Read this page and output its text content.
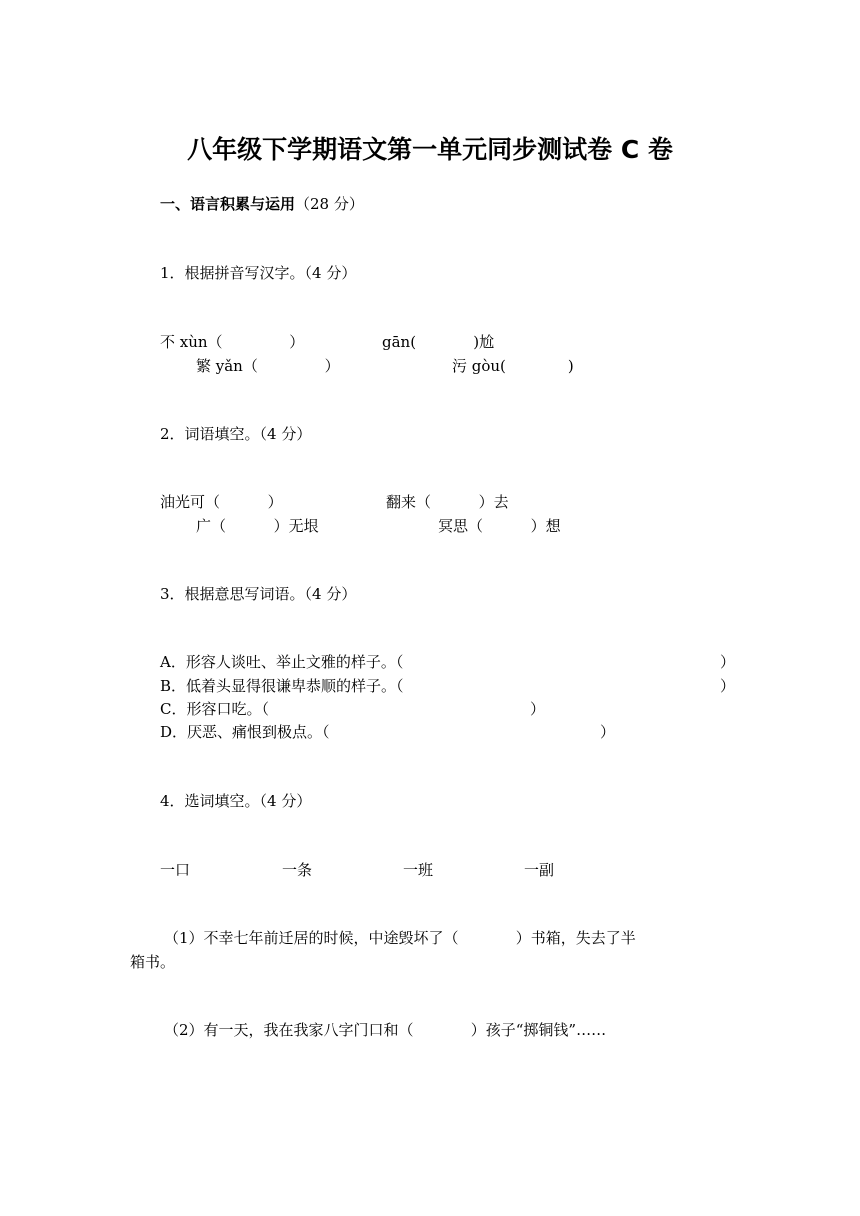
八年级下学期语文第一单元同步测试卷 C 卷
一、语言积累与运用（28 分）
1．根据拼音写汉字。（4 分）
不 xùn（              ）	gān(            )尬
繁 yǎn（              ）	污 gòu(             )
2．词语填空。（4 分）
油光可（          ）	翻来（          ）去
广（          ）无垠	冥思（          ）想
3．根据意思写词语。（4 分）
A．形容人谈吐、举止文雅的样子。（	）
B．低着头显得很谦卑恭顺的样子。（	）
C．形容口吃。（	）
D．厌恶、痛恨到极点。（	）
4．选词填空。（4 分）
一口	一条	一班	一副
（1）不幸七年前迁居的时候，中途毁坏了（            ）书箱，失去了半
箱书。
（2）有一天，我在我家八字门口和（            ）孩子“掷铜钱”……
